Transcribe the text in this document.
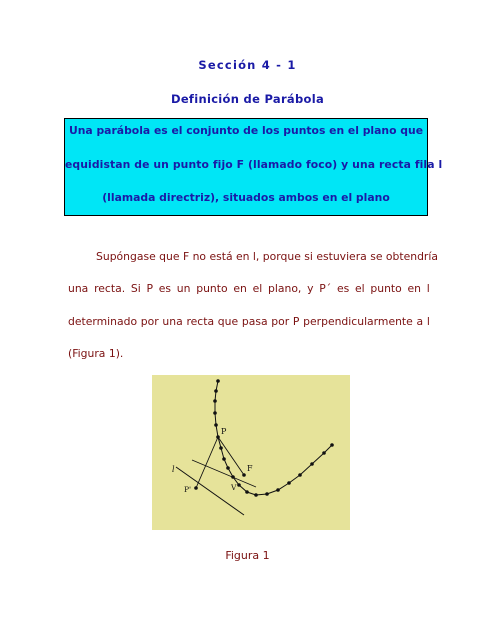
Sección 4 - 1
Definición de Parábola
Una parábola es el conjunto de los puntos en el plano que
equidistan de un punto fijo F (llamado foco) y una recta fila l
(llamada directriz), situados ambos en el plano
Supóngase que F no está en l, porque si estuviera se obtendría
una recta. Si P es un punto en el plano, y P´ es el punto en l
determinado por una recta que pasa por P perpendicularmente a l
(Figura 1).
P
F
P'	V
l
Figura 1
